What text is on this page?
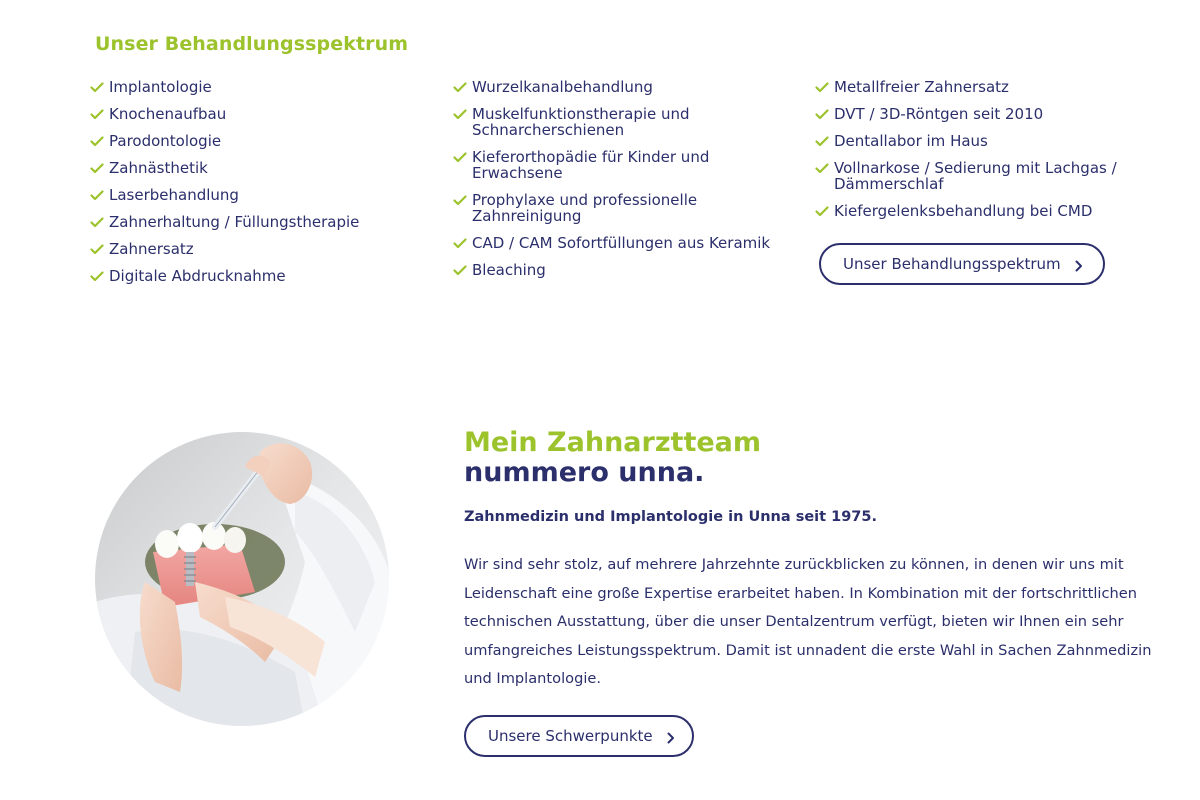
Unser Behandlungsspektrum
Implantologie
Knochenaufbau
Parodontologie
Zahnästhetik
Laserbehandlung
Zahnerhaltung / Füllungstherapie
Zahnersatz
Digitale Abdrucknahme
Wurzelkanalbehandlung
Muskelfunktionstherapie und Schnarcherschienen
Kieferorthopädie für Kinder und Erwachsene
Prophylaxe und professionelle Zahnreinigung
CAD / CAM Sofortfüllungen aus Keramik
Bleaching
Metallfreier Zahnersatz
DVT / 3D-Röntgen seit 2010
Dentallabor im Haus
Vollnarkose / Sedierung mit Lachgas / Dämmerschlaf
Kiefergelenksbehandlung bei CMD
Unser Behandlungsspektrum
Mein Zahnarztteam
nummero unna.

Zahnmedizin und Implantologie in Unna seit 1975.

Wir sind sehr stolz, auf mehrere Jahrzehnte zurückblicken zu können, in denen wir uns mit Leidenschaft eine große Expertise erarbeitet haben. In Kombination mit der fortschrittlichen technischen Ausstattung, über die unser Dentalzentrum verfügt, bieten wir Ihnen ein sehr umfangreiches Leistungsspektrum. Damit ist unnadent die erste Wahl in Sachen Zahnmedizin und Implantologie.

Unsere Schwerpunkte
